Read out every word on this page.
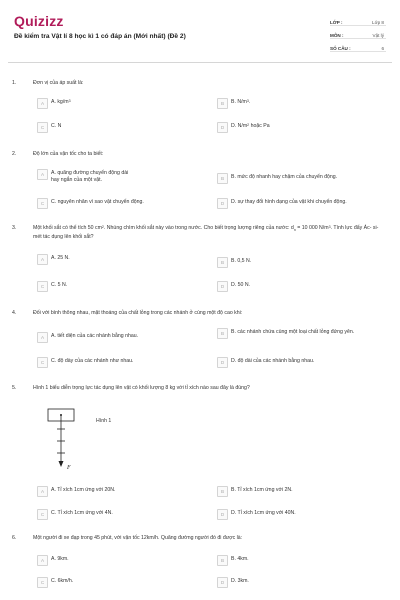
Quizizz
Đề kiểm tra Vật lí 8 học kì 1 có đáp án (Mới nhất) (Đề 2)
LỚP :	Lớp 8
MÔN :	Vật lý
SỐ CÂU :	6
1.	Đơn vị của áp suất là:
A	A. $kg/m^3$	B	B. $N/m^3$.
C	C. N	D	D. $N/m^2$ hoặc Pa
2.	Độ lớn của vận tốc cho ta biết:
A	A. quãng đường chuyển động dài hay ngắn của một vật.	B	B. mức độ nhanh hay chậm của chuyển động.
C	C. nguyên nhân vì sao vật chuyển động.	D	D. sự thay đổi hình dạng của vật khi chuyển động.
3.	Một khối sắt có thể tích 50 $cm^2$. Nhúng chìm khối sắt này vào trong nước. Cho biết trọng lượng riêng của nước: $d_n = 10$ 000 $N/m^3$. Tính lực đẩy Ác- si- mét tác dụng lên khối sắt?
A	A. 25 N.
B	B. 0,5 N.
C	C. 5 N.	D	D. 50 N.
4.	Đối với bình thông nhau, mặt thoáng của chất lỏng trong các nhánh ở cùng một độ cao khi:
A	A. tiết diện của các nhánh bằng nhau.	B	B. các nhánh chứa cùng một loại chất lỏng đứng yên.
C	C. độ dày của các nhánh như nhau.	D	D. độ dài của các nhánh bằng nhau.
5.	Hình 1 biểu diễn trọng lực tác dụng lên vật có khối lượng 8 kg với tỉ xích nào sau đây là đúng?
F
Hình 1
A	A. Tỉ xích 1cm ứng với 20N.	B	B. Tỉ xích 1cm ứng với 2N.
C	C. Tỉ xích 1cm ứng với 4N.	D	D. Tỉ xích 1cm ứng với 40N.
6.	Một người đi xe đạp trong 45 phút, với vận tốc 12km/h. Quãng đường người đó đi được là:
A	A. 9km.	B	B. 4km.
C	C. 6km/h.	D	D. 3km.
